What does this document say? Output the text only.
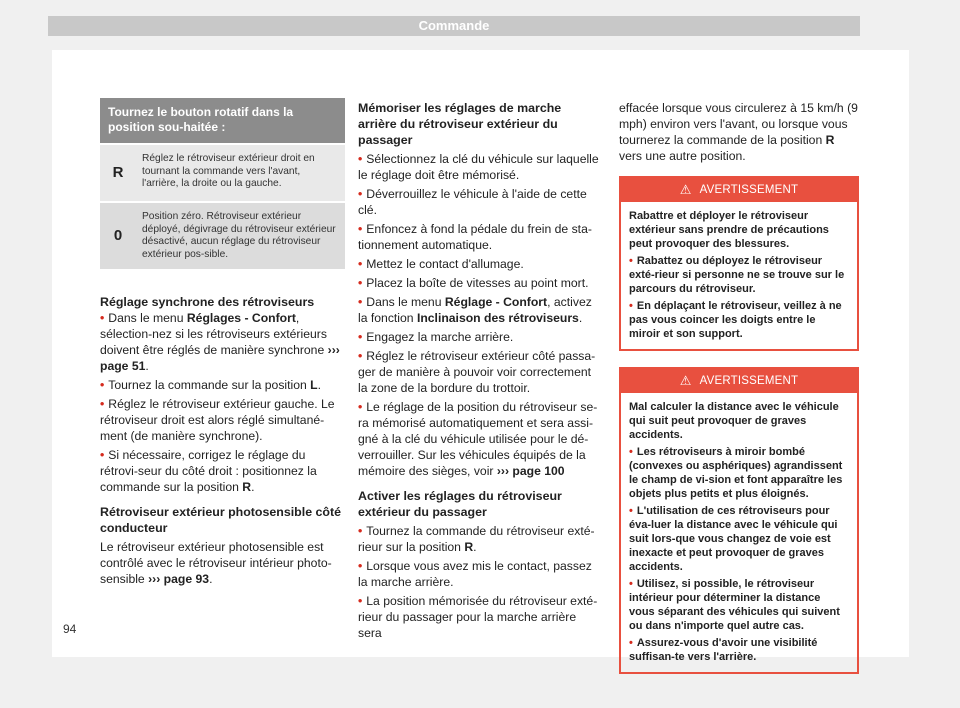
Commande
Tournez le bouton rotatif dans la position sou-haitée :
R
Réglez le rétroviseur extérieur droit en tournant la commande vers l'avant, l'arrière, la droite ou la gauche.
0
Position zéro. Rétroviseur extérieur déployé, dégivrage du rétroviseur extérieur désactivé, aucun réglage du rétroviseur extérieur pos-sible.
Réglage synchrone des rétroviseurs

• Dans le menu Réglages - Confort, sélection-nez si les rétroviseurs extérieurs doivent être réglés de manière synchrone ››› page 51.

• Tournez la commande sur la position L.

• Réglez le rétroviseur extérieur gauche. Le rétroviseur droit est alors réglé simultané-ment (de manière synchrone).

• Si nécessaire, corrigez le réglage du rétrovi-seur du côté droit : positionnez la commande sur la position R.

Rétroviseur extérieur photosensible côté conducteur

Le rétroviseur extérieur photosensible est contrôlé avec le rétroviseur intérieur photo-sensible ››› page 93.

Mémoriser les réglages de marche arrière du rétroviseur extérieur du passager

• Sélectionnez la clé du véhicule sur laquelle le réglage doit être mémorisé.

• Déverrouillez le véhicule à l'aide de cette clé.

• Enfoncez à fond la pédale du frein de sta-tionnement automatique.

• Mettez le contact d'allumage.

• Placez la boîte de vitesses au point mort.

• Dans le menu Réglage - Confort, activez la fonction Inclinaison des rétroviseurs.

• Engagez la marche arrière.

• Réglez le rétroviseur extérieur côté passa-ger de manière à pouvoir voir correctement la zone de la bordure du trottoir.

• Le réglage de la position du rétroviseur se-ra mémorisé automatiquement et sera assi-gné à la clé du véhicule utilisée pour le dé-verrouiller. Sur les véhicules équipés de la mémoire des sièges, voir ››› page 100

Activer les réglages du rétroviseur extérieur du passager

• Tournez la commande du rétroviseur exté-rieur sur la position R.

• Lorsque vous avez mis le contact, passez la marche arrière.

• La position mémorisée du rétroviseur exté-rieur du passager pour la marche arrière sera

effacée lorsque vous circulerez à 15 km/h (9 mph) environ vers l'avant, ou lorsque vous tournerez la commande de la position R vers une autre position.

⚠ AVERTISSEMENT

Rabattre et déployer le rétroviseur extérieur sans prendre de précautions peut provoquer des blessures.

• Rabattez ou déployez le rétroviseur exté-rieur si personne ne se trouve sur le parcours du rétroviseur.

• En déplaçant le rétroviseur, veillez à ne pas vous coincer les doigts entre le miroir et son support.

⚠ AVERTISSEMENT

Mal calculer la distance avec le véhicule qui suit peut provoquer de graves accidents.

• Les rétroviseurs à miroir bombé (convexes ou asphériques) agrandissent le champ de vi-sion et font apparaître les objets plus petits et plus éloignés.

• L'utilisation de ces rétroviseurs pour éva-luer la distance avec le véhicule qui suit lors-que vous changez de voie est inexacte et peut provoquer de graves accidents.

• Utilisez, si possible, le rétroviseur intérieur pour déterminer la distance vous séparant des véhicules qui suivent ou dans n'importe quel autre cas.

• Assurez-vous d'avoir une visibilité suffisan-te vers l'arrière.

94
